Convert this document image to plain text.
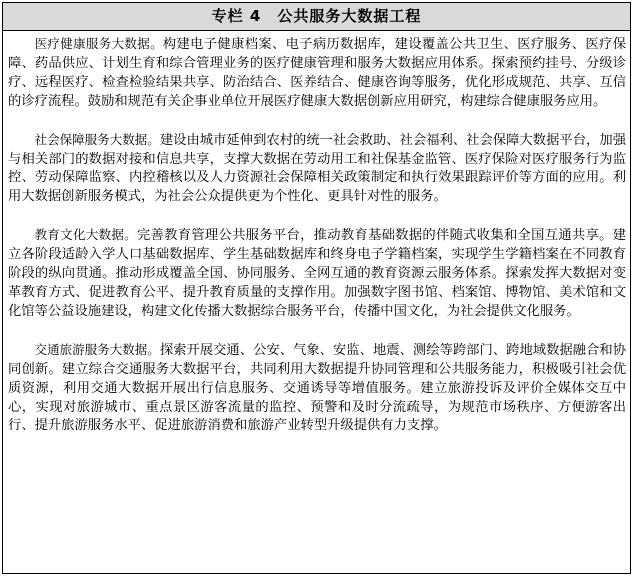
专栏 4　公共服务大数据工程

医疗健康服务大数据。构建电子健康档案、电子病历数据库，建设覆盖公共卫生、医疗服务、医疗保障、药品供应、计划生育和综合管理业务的医疗健康管理和服务大数据应用体系。探索预约挂号、分级诊疗、远程医疗、检查检验结果共享、防治结合、医养结合、健康咨询等服务，优化形成规范、共享、互信的诊疗流程。鼓励和规范有关企事业单位开展医疗健康大数据创新应用研究，构建综合健康服务应用。

社会保障服务大数据。建设由城市延伸到农村的统一社会救助、社会福利、社会保障大数据平台，加强与相关部门的数据对接和信息共享，支撑大数据在劳动用工和社保基金监管、医疗保险对医疗服务行为监控、劳动保障监察、内控稽核以及人力资源社会保障相关政策制定和执行效果跟踪评价等方面的应用。利用大数据创新服务模式，为社会公众提供更为个性化、更具针对性的服务。

教育文化大数据。完善教育管理公共服务平台，推动教育基础数据的伴随式收集和全国互通共享。建立各阶段适龄入学人口基础数据库、学生基础数据库和终身电子学籍档案，实现学生学籍档案在不同教育阶段的纵向贯通。推动形成覆盖全国、协同服务、全网互通的教育资源云服务体系。探索发挥大数据对变革教育方式、促进教育公平、提升教育质量的支撑作用。加强数字图书馆、档案馆、博物馆、美术馆和文化馆等公益设施建设，构建文化传播大数据综合服务平台，传播中国文化，为社会提供文化服务。

交通旅游服务大数据。探索开展交通、公安、气象、安监、地震、测绘等跨部门、跨地域数据融合和协同创新。建立综合交通服务大数据平台，共同利用大数据提升协同管理和公共服务能力，积极吸引社会优质资源，利用交通大数据开展出行信息服务、交通诱导等增值服务。建立旅游投诉及评价全媒体交互中心，实现对旅游城市、重点景区游客流量的监控、预警和及时分流疏导，为规范市场秩序、方便游客出行、提升旅游服务水平、促进旅游消费和旅游产业转型升级提供有力支撑。
